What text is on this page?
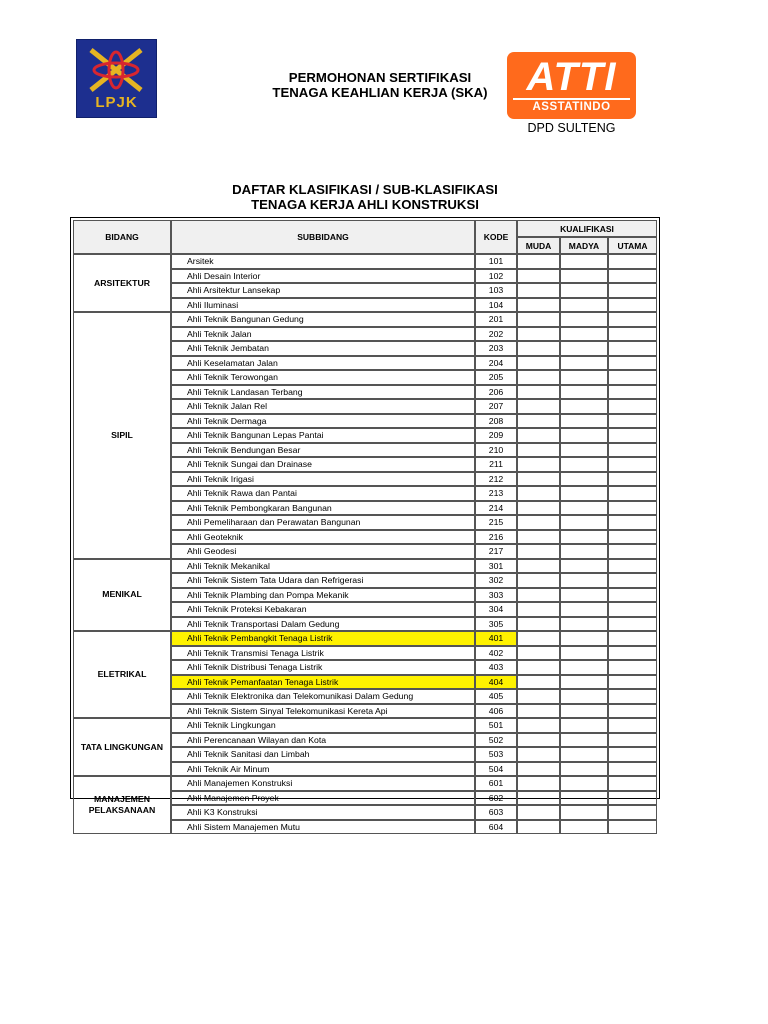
LPJK
PERMOHONAN SERTIFIKASI
TENAGA KEAHLIAN KERJA (SKA) ATTI
ASSTATINDO
DPD SULTENG
DAFTAR KLASIFIKASI / SUB-KLASIFIKASI
TENAGA KERJA AHLI KONSTRUKSI
BIDANG	SUBBIDANG	KODE	KUALIFIKASI		
			MUDA	MADYA	UTAMA
ARSITEKTUR	Arsitek	101			
	Ahli Desain Interior	102			
	Ahli Arsitektur Lansekap	103			
	Ahli Iluminasi	104			
SIPIL	Ahli Teknik Bangunan Gedung	201			
	Ahli Teknik Jalan	202			
	Ahli Teknik Jembatan	203			
	Ahli Keselamatan Jalan	204			
	Ahli Teknik Terowongan	205			
	Ahli Teknik Landasan Terbang	206			
	Ahli Teknik Jalan Rel	207			
	Ahli Teknik Dermaga	208			
	Ahli Teknik Bangunan Lepas Pantai	209			
	Ahli Teknik Bendungan Besar	210			
	Ahli Teknik Sungai dan Drainase	211			
	Ahli Teknik Irigasi	212			
	Ahli Teknik Rawa dan Pantai	213			
	Ahli Teknik Pembongkaran Bangunan	214			
	Ahli Pemeliharaan dan Perawatan Bangunan	215			
	Ahli Geoteknik	216			
	Ahli Geodesi	217			
MENIKAL	Ahli Teknik Mekanikal	301			
	Ahli Teknik Sistem Tata Udara dan Refrigerasi	302			
	Ahli Teknik Plambing dan Pompa Mekanik	303			
	Ahli Teknik Proteksi Kebakaran	304			
	Ahli Teknik Transportasi Dalam Gedung	305			
ELETRIKAL	Ahli Teknik Pembangkit Tenaga Listrik	401			
	Ahli Teknik Transmisi Tenaga Listrik	402			
	Ahli Teknik Distribusi Tenaga Listrik	403			
	Ahli Teknik Pemanfaatan Tenaga Listrik	404			
	Ahli Teknik Elektronika dan Telekomunikasi Dalam Gedung	405			
	Ahli Teknik Sistem Sinyal Telekomunikasi Kereta Api	406			
TATA LINGKUNGAN	Ahli Teknik Lingkungan	501			
	Ahli Perencanaan Wilayan dan Kota	502			
	Ahli Teknik Sanitasi dan Limbah	503			
	Ahli Teknik Air Minum	504			
MANAJEMEN PELAKSANAAN	Ahli Manajemen Konstruksi	601			
	Ahli Manajemen Proyek	602			
	Ahli K3 Konstruksi	603			
	Ahli Sistem Manajemen Mutu	604			
